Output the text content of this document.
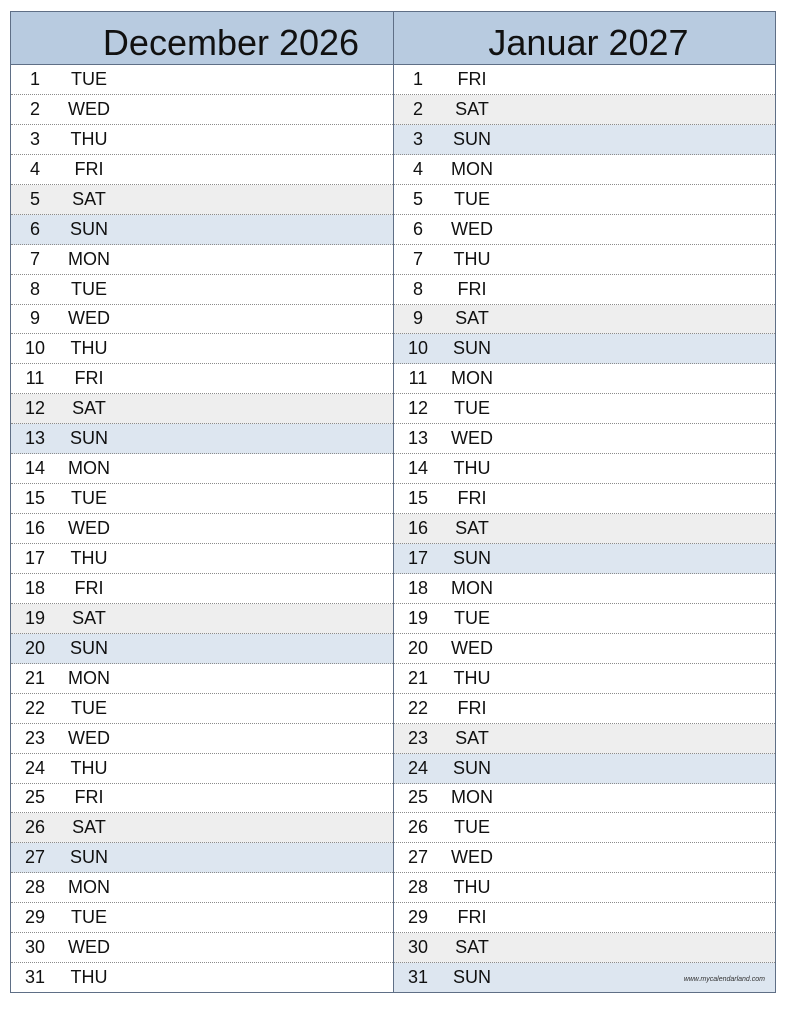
December 2026
1	TUE
2	WED
3	THU
4	FRI
5	SAT
6	SUN
7	MON
8	TUE
9	WED
10	THU
11	FRI
12	SAT
13	SUN
14	MON
15	TUE
16	WED
17	THU
18	FRI
19	SAT
20	SUN
21	MON
22	TUE
23	WED
24	THU
25	FRI
26	SAT
27	SUN
28	MON
29	TUE
30	WED
31	THU
Januar 2027
1	FRI
2	SAT
3	SUN
4	MON
5	TUE
6	WED
7	THU
8	FRI
9	SAT
10	SUN
11	MON
12	TUE
13	WED
14	THU
15	FRI
16	SAT
17	SUN
18	MON
19	TUE
20	WED
21	THU
22	FRI
23	SAT
24	SUN
25	MON
26	TUE
27	WED
28	THU
29	FRI
30	SAT
31	SUN	www.mycalendarland.com
